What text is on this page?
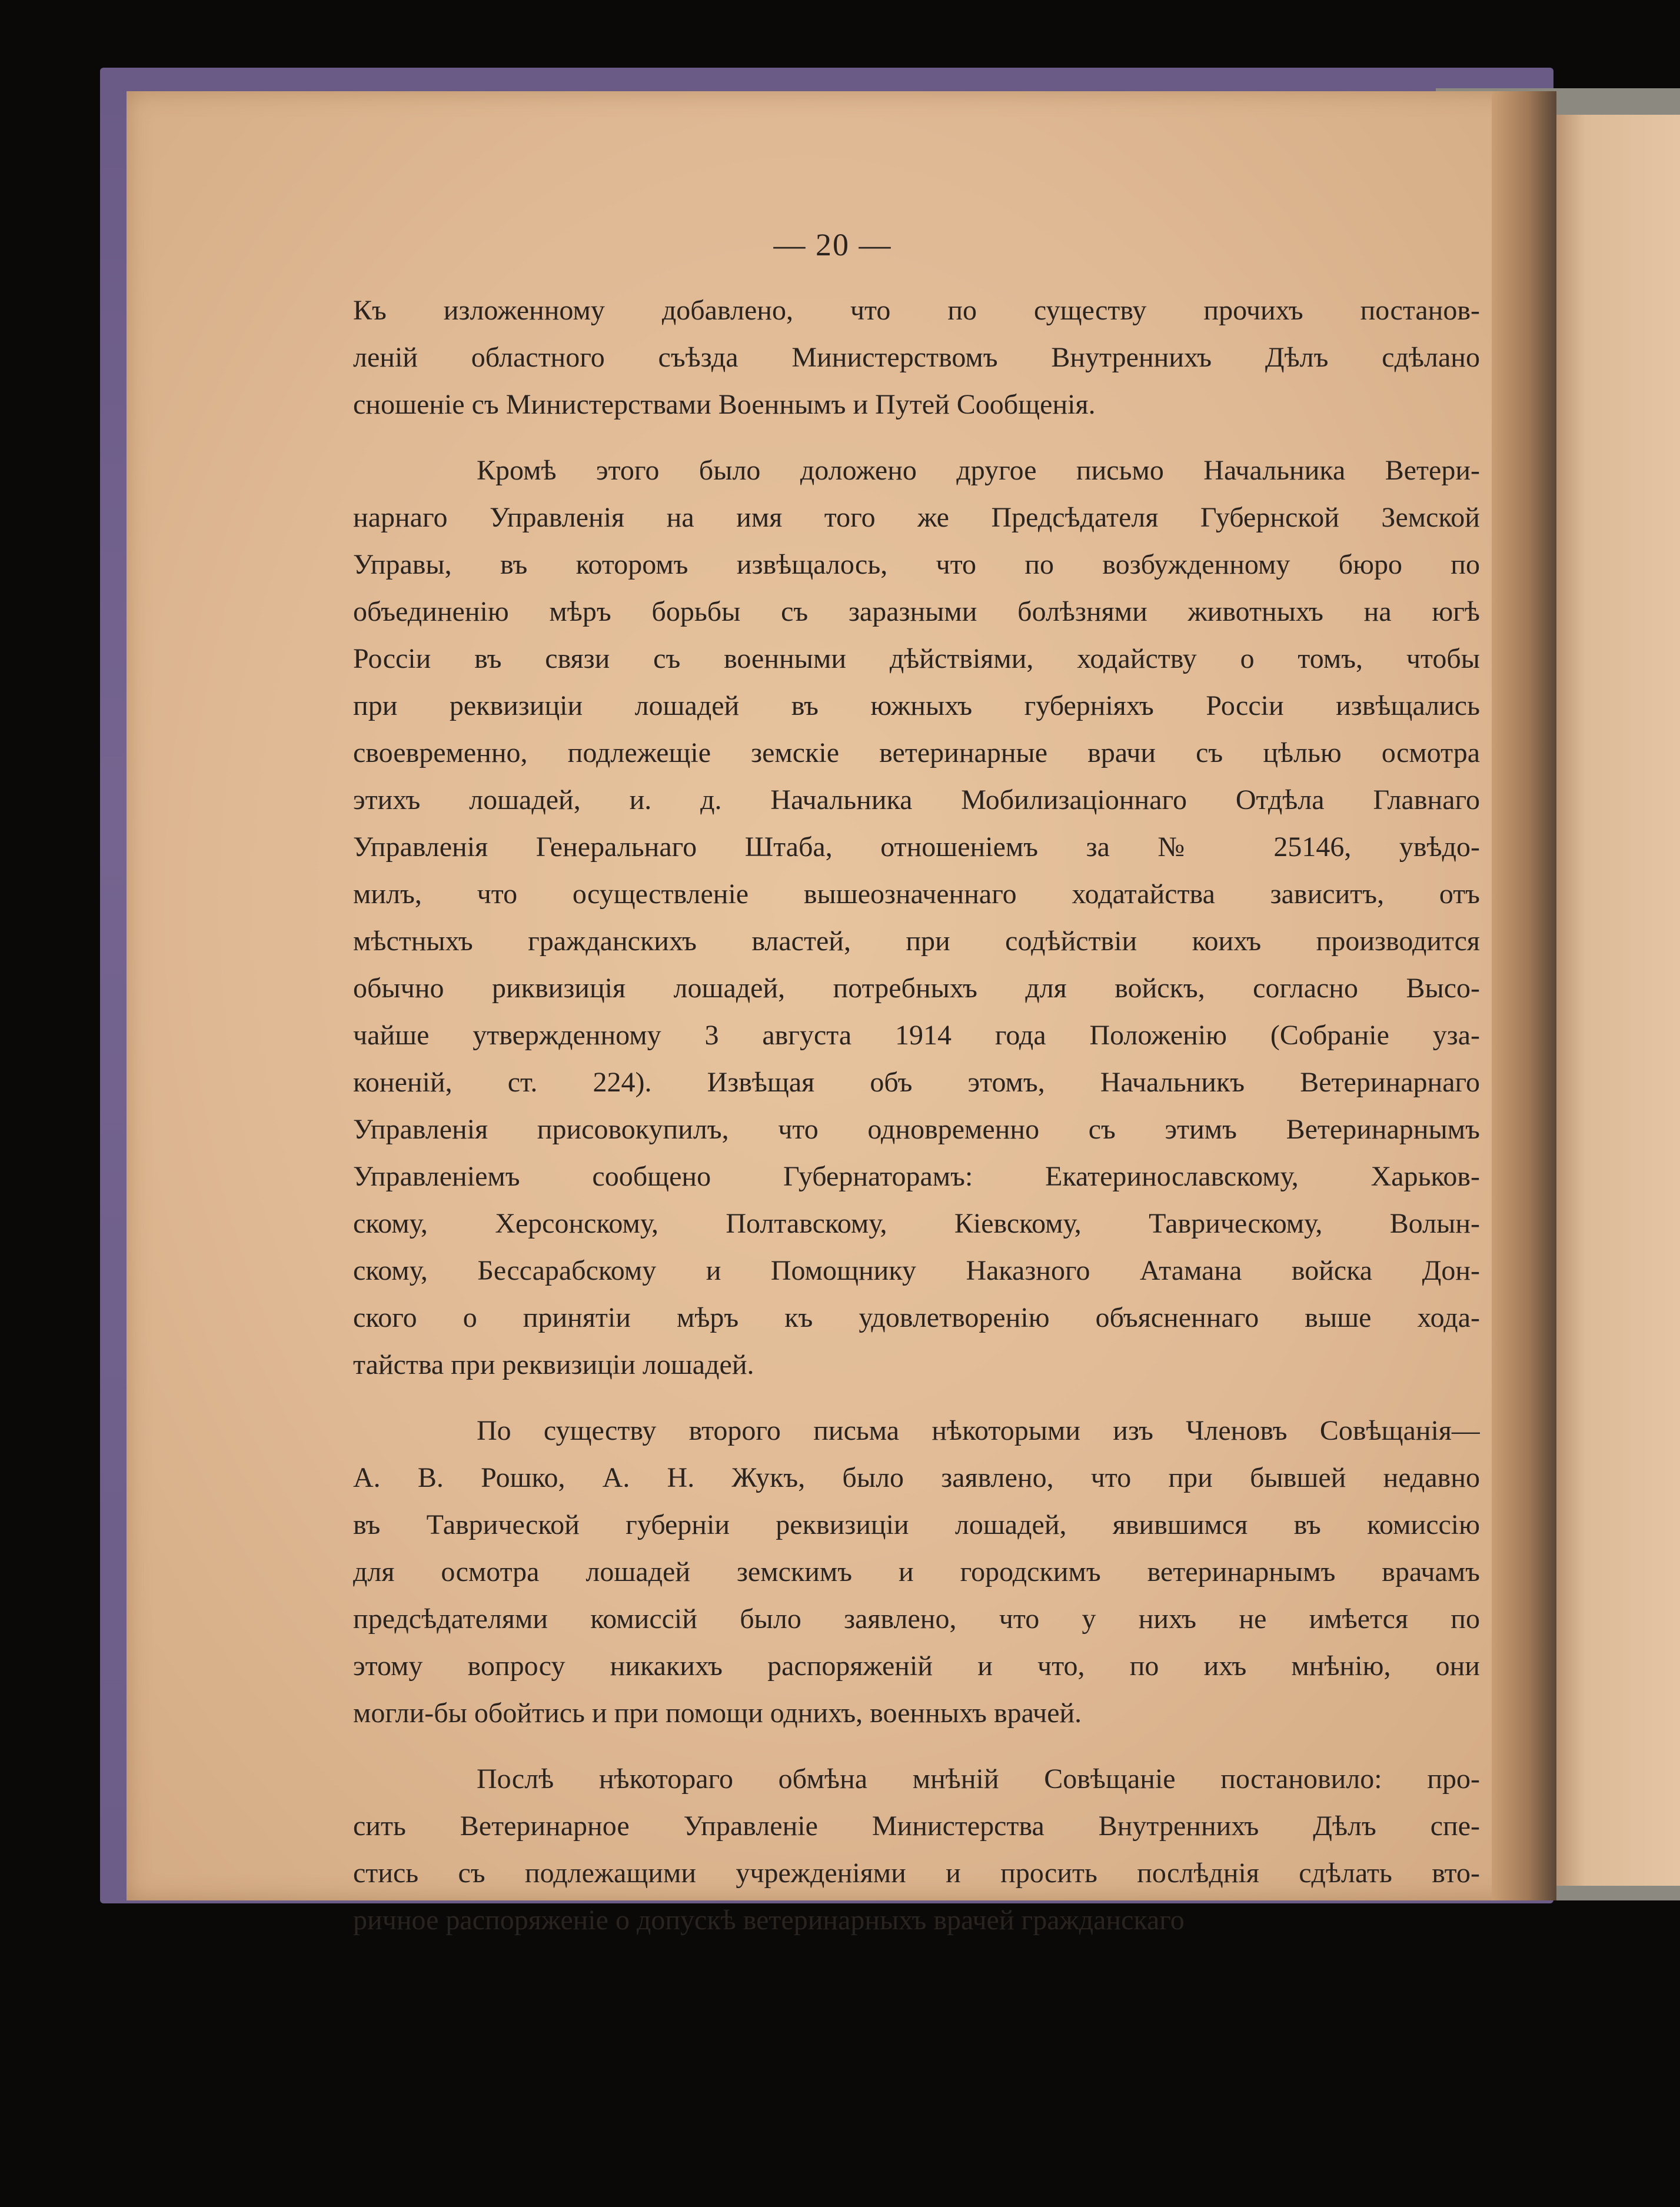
— 20 —
Къ изложенному добавлено, что по существу прочихъ постанов-
леній областного съѣзда Министерствомъ Внутреннихъ Дѣлъ сдѣлано
сношеніе съ Министерствами Военнымъ и Путей Сообщенія.
Кромѣ этого было доложено другое письмо Начальника Ветери-
нарнаго Управленія на имя того же Предсѣдателя Губернской Земской
Управы, въ которомъ извѣщалось, что по возбужденному бюро по
объединенію мѣръ борьбы съ заразными болѣзнями животныхъ на югѣ
Россіи въ связи съ военными дѣйствіями, ходайству о томъ, чтобы
при реквизиціи лошадей въ южныхъ губерніяхъ Россіи извѣщались
своевременно, подлежещіе земскіе ветеринарные врачи съ цѣлью осмотра
этихъ лошадей, и. д. Начальника Мобилизаціоннаго Отдѣла Главнаго
Управленія Генеральнаго Штаба, отношеніемъ за № 25146, увѣдо-
милъ, что осуществленіе вышеозначеннаго ходатайства зависитъ, отъ
мѣстныхъ гражданскихъ властей, при содѣйствіи коихъ производится
обычно риквизиція лошадей, потребныхъ для войскъ, согласно Высо-
чайше утвержденному 3 августа 1914 года Положенію (Собраніе уза-
коненій, ст. 224). Извѣщая объ этомъ, Начальникъ Ветеринарнаго
Управленія присовокупилъ, что одновременно съ этимъ Ветеринарнымъ
Управленіемъ сообщено Губернаторамъ: Екатеринославскому, Харьков-
скому, Херсонскому, Полтавскому, Кіевскому, Таврическому, Волын-
скому, Бессарабскому и Помощнику Наказного Атамана войска Дон-
ского о принятіи мѣръ къ удовлетворенію объясненнаго выше хода-
тайства при реквизиціи лошадей.
По существу второго письма нѣкоторыми изъ Членовъ Совѣщанія—
А. В. Рошко, А. Н. Жукъ, было заявлено, что при бывшей недавно
въ Таврической губерніи реквизиціи лошадей, явившимся въ комиссію
для осмотра лошадей земскимъ и городскимъ ветеринарнымъ врачамъ
предсѣдателями комиссій было заявлено, что у нихъ не имѣется по
этому вопросу никакихъ распоряженій и что, по ихъ мнѣнію, они
могли-бы обойтись и при помощи однихъ, военныхъ врачей.
Послѣ нѣкотораго обмѣна мнѣній Совѣщаніе постановило: про-
сить Ветеринарное Управленіе Министерства Внутреннихъ Дѣлъ спе-
стись съ подлежащими учрежденіями и просить послѣднія сдѣлать вто-
ричное распоряженіе о допускѣ ветеринарныхъ врачей гражданскаго
